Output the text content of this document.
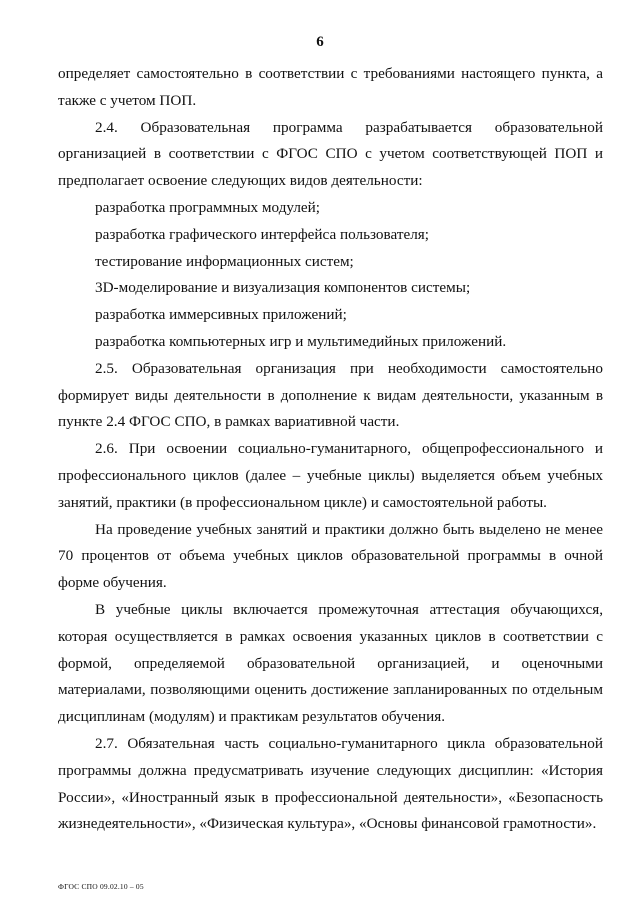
6

определяет самостоятельно в соответствии с требованиями настоящего пункта, а также с учетом ПОП.

2.4. Образовательная программа разрабатывается образовательной организацией в соответствии с ФГОС СПО с учетом соответствующей ПОП и предполагает освоение следующих видов деятельности:

разработка программных модулей;

разработка графического интерфейса пользователя;

тестирование информационных систем;

3D-моделирование и визуализация компонентов системы;

разработка иммерсивных приложений;

разработка компьютерных игр и мультимедийных приложений.

2.5. Образовательная организация при необходимости самостоятельно формирует виды деятельности в дополнение к видам деятельности, указанным в пункте 2.4 ФГОС СПО, в рамках вариативной части.

2.6. При освоении социально-гуманитарного, общепрофессионального и профессионального циклов (далее – учебные циклы) выделяется объем учебных занятий, практики (в профессиональном цикле) и самостоятельной работы.

На проведение учебных занятий и практики должно быть выделено не менее 70 процентов от объема учебных циклов образовательной программы в очной форме обучения.

В учебные циклы включается промежуточная аттестация обучающихся, которая осуществляется в рамках освоения указанных циклов в соответствии с формой, определяемой образовательной организацией, и оценочными материалами, позволяющими оценить достижение запланированных по отдельным дисциплинам (модулям) и практикам результатов обучения.

2.7. Обязательная часть социально-гуманитарного цикла образовательной программы должна предусматривать изучение следующих дисциплин: «История России», «Иностранный язык в профессиональной деятельности», «Безопасность жизнедеятельности», «Физическая культура», «Основы финансовой грамотности».

ФГОС СПО 09.02.10 – 05
